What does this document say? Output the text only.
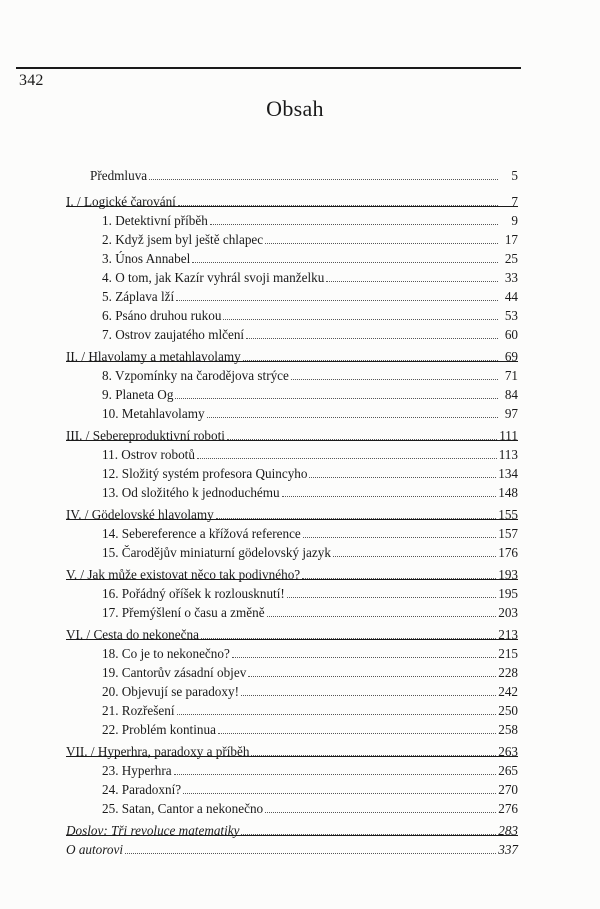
342
Obsah
Předmluva	5
I. / Logické čarování	7
1. Detektivní příběh	9
2. Když jsem byl ještě chlapec	17
3. Únos Annabel	25
4. O tom, jak Kazír vyhrál svoji manželku	33
5. Záplava lží	44
6. Psáno druhou rukou	53
7. Ostrov zaujatého mlčení	60
II. / Hlavolamy a metahlavolamy	69
8. Vzpomínky na čarodějova strýce	71
9. Planeta Og	84
10. Metahlavolamy	97
III. / Sebereproduktivní roboti	111
11. Ostrov robotů	113
12. Složitý systém profesora Quincyho	134
13. Od složitého k jednoduchému	148
IV. / Gödelovské hlavolamy	155
14. Sebereference a křížová reference	157
15. Čarodějův miniaturní gödelovský jazyk	176
V. / Jak může existovat něco tak podivného?	193
16. Pořádný oříšek k rozlousknutí!	195
17. Přemýšlení o času a změně	203
VI. / Cesta do nekonečna	213
18. Co je to nekonečno?	215
19. Cantorův zásadní objev	228
20. Objevují se paradoxy!	242
21. Rozřešení	250
22. Problém kontinua	258
VII. / Hyperhra, paradoxy a příběh	263
23. Hyperhra	265
24. Paradoxní?	270
25. Satan, Cantor a nekonečno	276
Doslov: Tři revoluce matematiky	283
O autorovi	337
